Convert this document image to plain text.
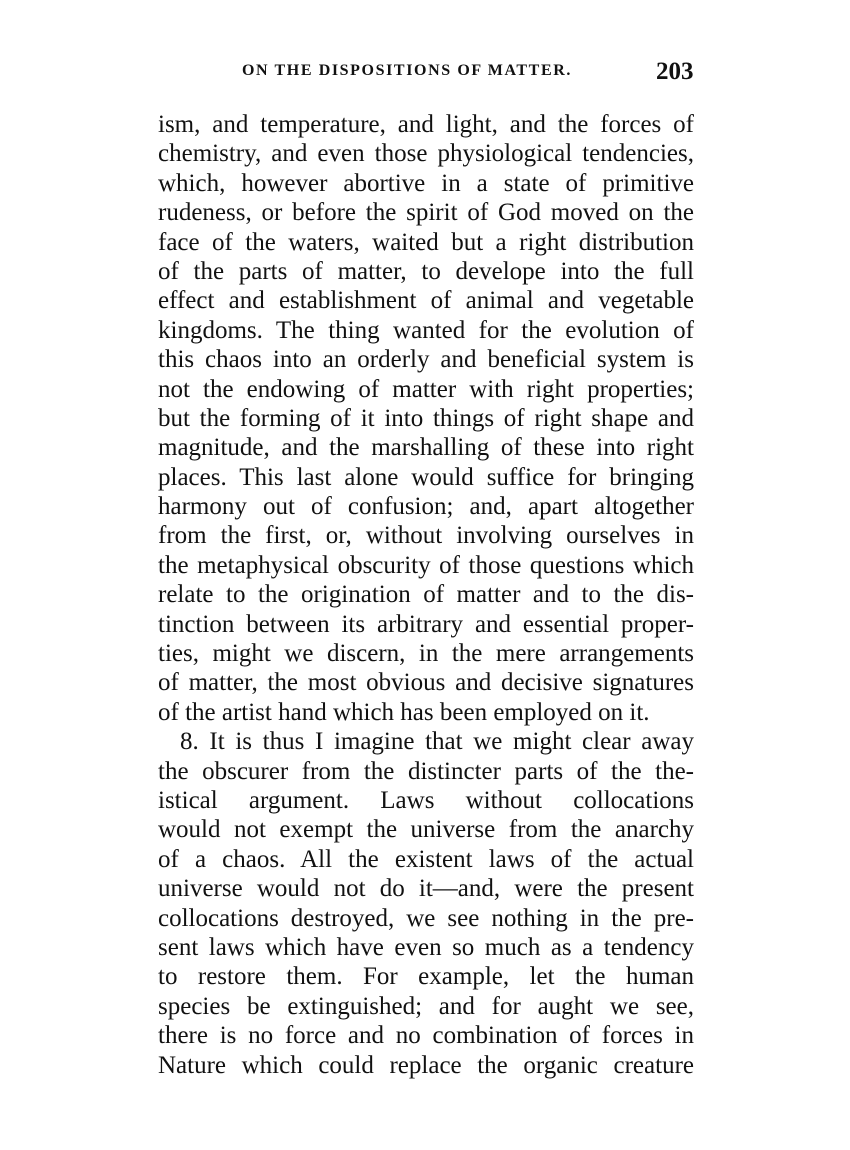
ON THE DISPOSITIONS OF MATTER.	203
ism, and temperature, and light, and the forces of
chemistry, and even those physiological tendencies,
which, however abortive in a state of primitive
rudeness, or before the spirit of God moved on the
face of the waters, waited but a right distribution
of the parts of matter, to develope into the full
effect and establishment of animal and vegetable
kingdoms. The thing wanted for the evolution of
this chaos into an orderly and beneficial system is
not the endowing of matter with right properties;
but the forming of it into things of right shape and
magnitude, and the marshalling of these into right
places. This last alone would suffice for bringing
harmony out of confusion; and, apart altogether
from the first, or, without involving ourselves in
the metaphysical obscurity of those questions which
relate to the origination of matter and to the dis-
tinction between its arbitrary and essential proper-
ties, might we discern, in the mere arrangements
of matter, the most obvious and decisive signatures
of the artist hand which has been employed on it.
8. It is thus I imagine that we might clear away
the obscurer from the distincter parts of the the-
istical argument. Laws without collocations
would not exempt the universe from the anarchy
of a chaos. All the existent laws of the actual
universe would not do it—and, were the present
collocations destroyed, we see nothing in the pre-
sent laws which have even so much as a tendency
to restore them. For example, let the human
species be extinguished; and for aught we see,
there is no force and no combination of forces in
Nature which could replace the organic creature
